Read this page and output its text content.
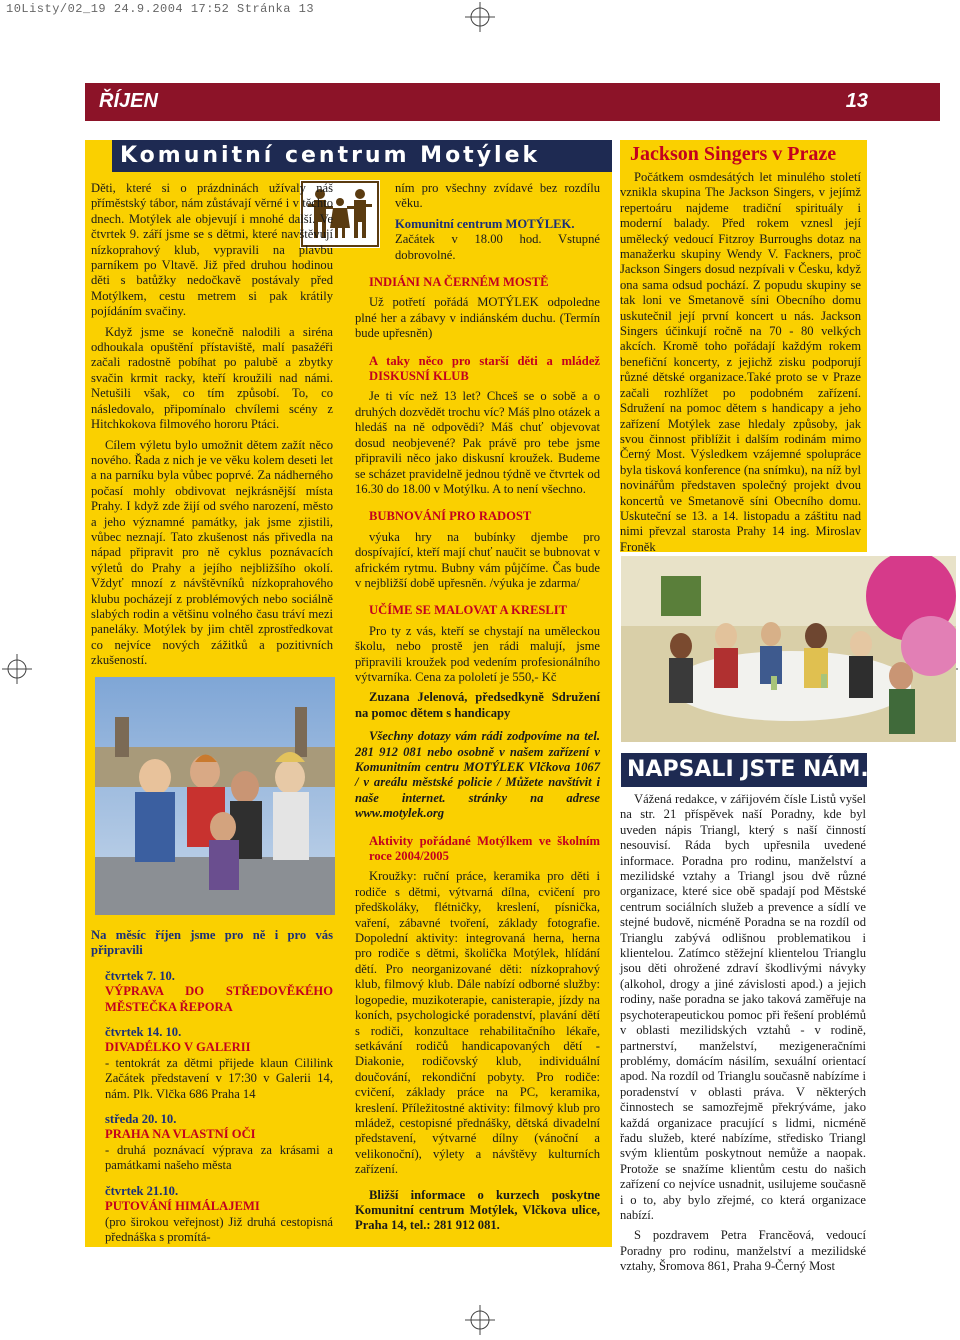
10Listy/02_19 24.9.2004 17:52 Stránka 13
ŘÍJEN	13
Komunitní centrum Motýlek

Děti, které si o prázdninách užívaly náš příměstský tábor, nám zůstávají věrné i v těchto dnech. Motýlek ale objevují i mnohé další. Ve čtvrtek 9. září jsme se s dětmi, které navštěvují nízkoprahový klub, vypravili na plavbu parníkem po Vltavě. Již před druhou hodinou děti s batůžky nedočkavě postávaly před Motýlkem, cestu metrem si pak krátily pojídáním svačiny.

Když jsme se konečně nalodili a siréna odhoukala opuštění přístaviště, malí pasažéři začali radostně pobíhat po palubě a zbytky svačin krmit racky, kteří kroužili nad námi. Netušili však, co tím způsobí. To, co následovalo, připomínalo chvílemi scény z Hitchkokova filmového hororu Ptáci.

Cílem výletu bylo umožnit dětem zažít něco nového. Řada z nich je ve věku kolem deseti let a na parníku byla vůbec poprvé. Za nádherného počasí mohly obdivovat nejkrásnější místa Prahy. I když zde žijí od svého narození, město a jeho významné památky, jak jsme zjistili, vůbec neznají. Tato zkušenost nás přivedla na nápad připravit pro ně cyklus poznávacích výletů do Prahy a jejího nejbližšího okolí. Vždyť mnozí z návštěvníků nízkoprahového klubu pocházejí z problémových nebo sociálně slabých rodin a většinu volného času tráví mezi paneláky. Motýlek by jim chtěl zprostředkovat co nejvíce nových zážitků a pozitivních zkušeností.

Na měsíc říjen jsme pro ně i pro vás připravili

čtvrtek 7. 10.

VÝPRAVA DO STŘEDOVĚKÉHO MĚSTEČKA ŘEPORA

čtvrtek 14. 10.

DIVADÉLKO V GALERII

- tentokrát za dětmi přijede klaun Cililink Začátek představení v 17:30 v Galerii 14, nám. Plk. Vlčka 686 Praha 14

středa 20. 10.

PRAHA NA VLASTNÍ OČI

- druhá poznávací výprava za krásami a památkami našeho města

čtvrtek 21.10.

PUTOVÁNÍ HIMÁLAJEMI

(pro širokou veřejnost) Již druhá cestopisná přednáška s promítá-

ním pro všechny zvídavé bez rozdílu věku.

Komunitní centrum MOTÝLEK.

Začátek v 18.00 hod. Vstupné dobrovolné.

INDIÁNI NA ČERNÉM MOSTĚ

Už potřetí pořádá MOTÝLEK odpoledne plné her a zábavy v indiánském duchu. (Termín bude upřesněn)

A taky něco pro starší děti a mládež DISKUSNÍ KLUB

Je ti víc než 13 let? Chceš se o sobě a o druhých dozvědět trochu víc? Máš plno otázek a hledáš na ně odpovědi? Máš chuť objevovat dosud neobjevené? Pak právě pro tebe jsme připravili něco jako diskusní kroužek. Budeme se scházet pravidelně jednou týdně ve čtvrtek od 16.30 do 18.00 v Motýlku. A to není všechno.

BUBNOVÁNÍ PRO RADOST

výuka hry na bubínky djembe pro dospívající, kteří mají chuť naučit se bubnovat v africkém rytmu. Bubny vám půjčíme. Čas bude v nejbližší době upřesněn. /výuka je zdarma/

UČÍME SE MALOVAT A KRESLIT

Pro ty z vás, kteří se chystají na uměleckou školu, nebo prostě jen rádi malují, jsme připravili kroužek pod vedením profesionálního výtvarníka. Cena za pololetí je 550,- Kč

Zuzana Jelenová, předsedkyně Sdružení na pomoc dětem s handicapy

Všechny dotazy vám rádi zodpovíme na tel. 281 912 081 nebo osobně v našem zařízení v Komunitním centru MOTÝLEK Vlčkova 1067 / v areálu městské policie / Můžete navštívit i naše internet. stránky na adrese www.motylek.org

Aktivity pořádané Motýlkem ve školním roce 2004/2005

Kroužky: ruční práce, keramika pro děti i rodiče s dětmi, výtvarná dílna, cvičení pro předškoláky, flétničky, kreslení, písnička, vaření, zábavné tvoření, základy fotografie. Dopolední aktivity: integrovaná herna, herna pro rodiče s dětmi, školička Motýlek, hlídání dětí. Pro neorganizované děti: nízkoprahový klub, filmový klub. Dále nabízí odborné služby: logopedie, muzikoterapie, canisterapie, jízdy na koních, psychologické poradenství, plavání dětí s rodiči, konzultace rehabilitačního lékaře, setkávání rodičů handicapovaných dětí - Diakonie, rodičovský klub, individuální doučování, rekondiční pobyty. Pro rodiče: cvičení, základy práce na PC, keramika, kreslení. Příležitostné aktivity: filmový klub pro mládež, cestopisné přednášky, dětská divadelní představení, výtvarné dílny (vánoční a velikonoční), výlety a návštěvy kulturních zařízení.

Bližší informace o kurzech poskytne Komunitní centrum Motýlek, Vlčkova ulice, Praha 14, tel.: 281 912 081.

Jackson Singers v Praze

Počátkem osmdesátých let minulého století vznikla skupina The Jackson Singers, v jejímž repertoáru najdeme tradiční spirituály i moderní balady. Před rokem vznesl její umělecký vedoucí Fitzroy Burroughs dotaz na manažerku skupiny Wendy V. Fackners, proč Jackson Singers dosud nezpívali v Česku, když ona sama odsud pochází. Z popudu skupiny se tak loni ve Smetanově síni Obecního domu uskutečnil její první koncert u nás. Jackson Singers účinkují ročně na 70 - 80 velkých akcích. Kromě toho pořádají každým rokem benefiční koncerty, z jejichž zisku podporují různé dětské organizace.Také proto se v Praze začali rozhlížet po podobném zařízení. Sdružení na pomoc dětem s handicapy a jeho zařízení Motýlek zase hledaly způsoby, jak svou činnost přiblížit i dalším rodinám mimo Černý Most. Výsledkem vzájemné spolupráce byla tisková konference (na snímku), na níž byl novinářům představen společný projekt dvou koncertů ve Smetanově síni Obecního domu. Uskuteční se 13. a 14. listopadu a záštitu nad nimi převzal starosta Prahy 14 ing. Miroslav Froněk

NAPSALI JSTE NÁM...

Vážená redakce, v zářijovém čísle Listů vyšel na str. 21 příspěvek naší Poradny, kde byl uveden nápis Triangl, který s naší činností nesouvisí. Ráda bych upřesnila uvedené informace. Poradna pro rodinu, manželství a mezilidské vztahy a Triangl jsou dvě různé organizace, které sice obě spadají pod Městské centrum sociálních služeb a prevence a sídlí ve stejné budově, nicméně Poradna se na rozdíl od Trianglu zabývá odlišnou problematikou i klientelou. Zatímco stěžejní klientelou Trianglu jsou děti ohrožené zdraví škodlivými návyky (alkohol, drogy a jiné závislosti apod.) a jejich rodiny, naše poradna se jako taková zaměřuje na psychoterapeutickou pomoc při řešení problémů v oblasti mezilidských vztahů - v rodině, partnerství, manželství, mezigeneračními problémy, domácím násilím, sexuální orientací apod. Na rozdíl od Trianglu současně nabízíme i poradenství v oblasti práva. V některých činnostech se samozřejmě překrýváme, jako každá organizace pracující s lidmi, nicméně řadu služeb, které nabízíme, středisko Triangl svým klientům poskytnout nemůže a naopak. Protože se snažíme klientům cestu do našich zařízení co nejvíce usnadnit, usilujeme současně i o to, aby bylo zřejmé, co která organizace nabízí.

S pozdravem Petra Francěová, vedoucí Poradny pro rodinu, manželství a mezilidské vztahy, Šromova 861, Praha 9-Černý Most
